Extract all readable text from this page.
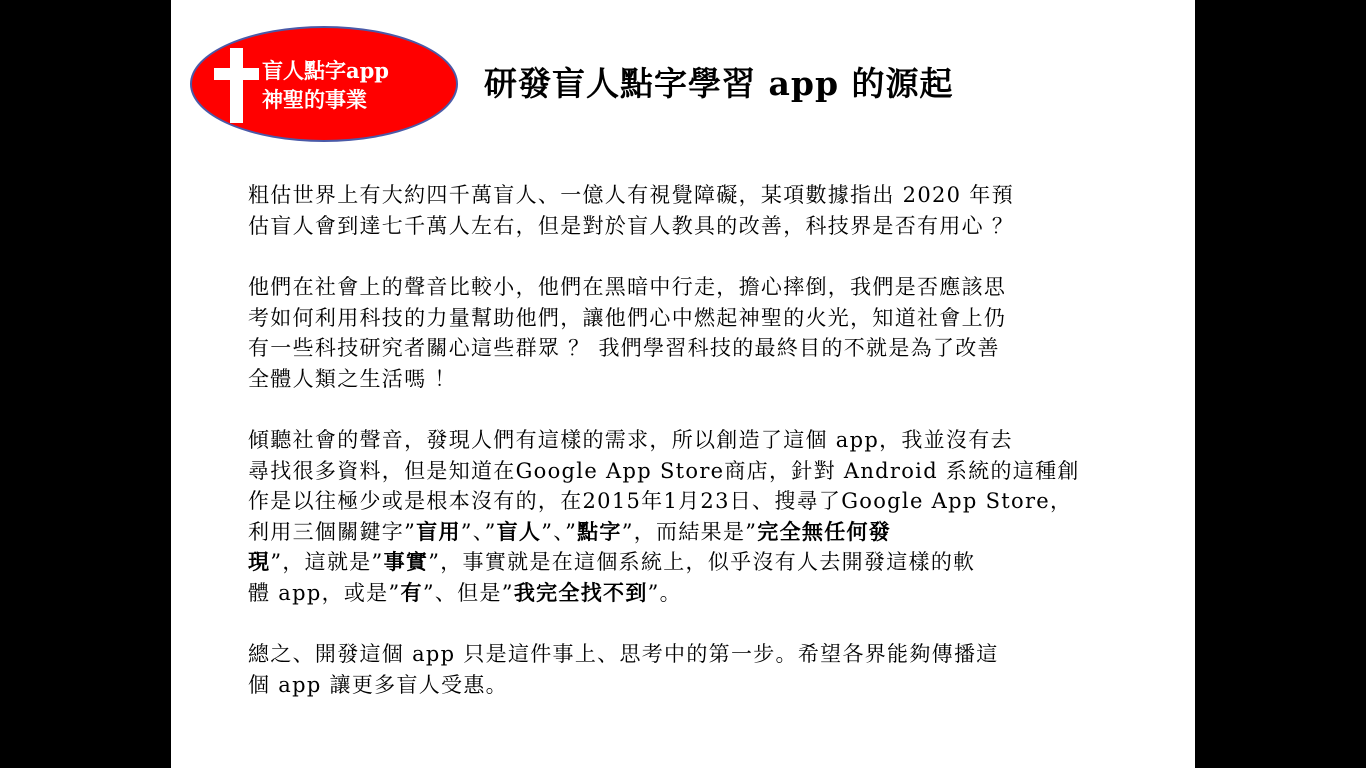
盲人點字app
神聖的事業	研發盲人點字學習 app 的源起
粗估世界上有大約四千萬盲人、一億人有視覺障礙，某項數據指出 2020 年預
估盲人會到達七千萬人左右，但是對於盲人教具的改善，科技界是否有用心 ？
他們在社會上的聲音比較小，他們在黑暗中行走，擔心摔倒，我們是否應該思
考如何利用科技的力量幫助他們，讓他們心中燃起神聖的火光，知道社會上仍
有一些科技研究者關心這些群眾 ？ 我們學習科技的最終目的不就是為了改善
全體人類之生活嗎 ！
傾聽社會的聲音，發現人們有這樣的需求，所以創造了這個 app，我並沒有去
尋找很多資料，但是知道在Google App Store商店，針對 Android 系統的這種創
作是以往極少或是根本沒有的，在2015年1月23日、搜尋了Google App Store，
利用三個關鍵字”盲用”、”盲人”、”點字”，而結果是”完全無任何發
現”，這就是”事實”，事實就是在這個系統上，似乎沒有人去開發這樣的軟
體 app，或是”有”、但是”我完全找不到”。
總之、開發這個 app 只是這件事上、思考中的第一步。希望各界能夠傳播這
個 app 讓更多盲人受惠。
